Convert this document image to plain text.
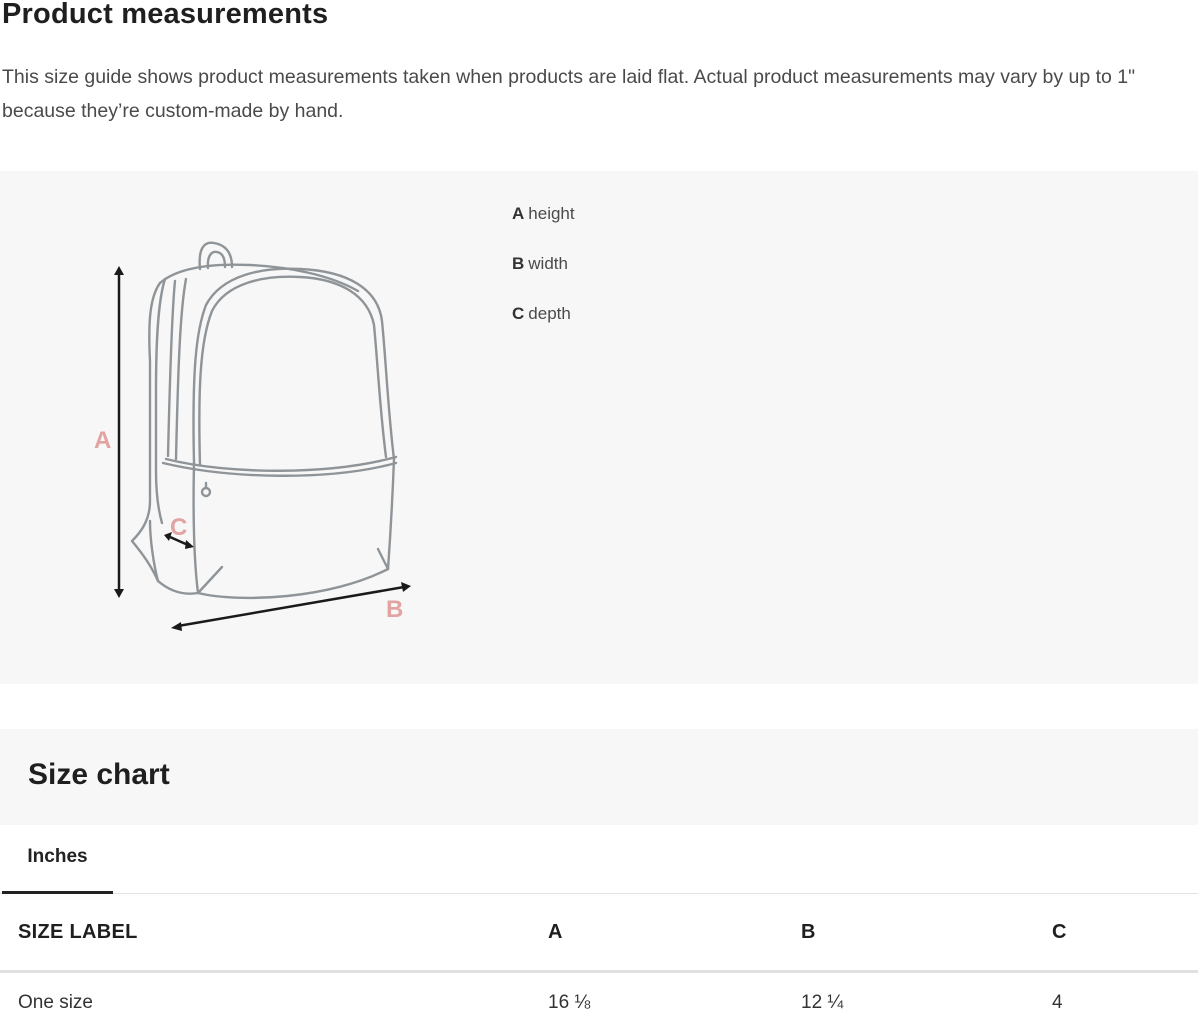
Product measurements

This size guide shows product measurements taken when products are laid flat. Actual product measurements may vary by up to 1" because they’re custom-made by hand.

A
B
C
A height
B width
C depth
Size chart
Inches
SIZE LABEL	A	B	C
One size	16 ⅛	12 ¼	4
